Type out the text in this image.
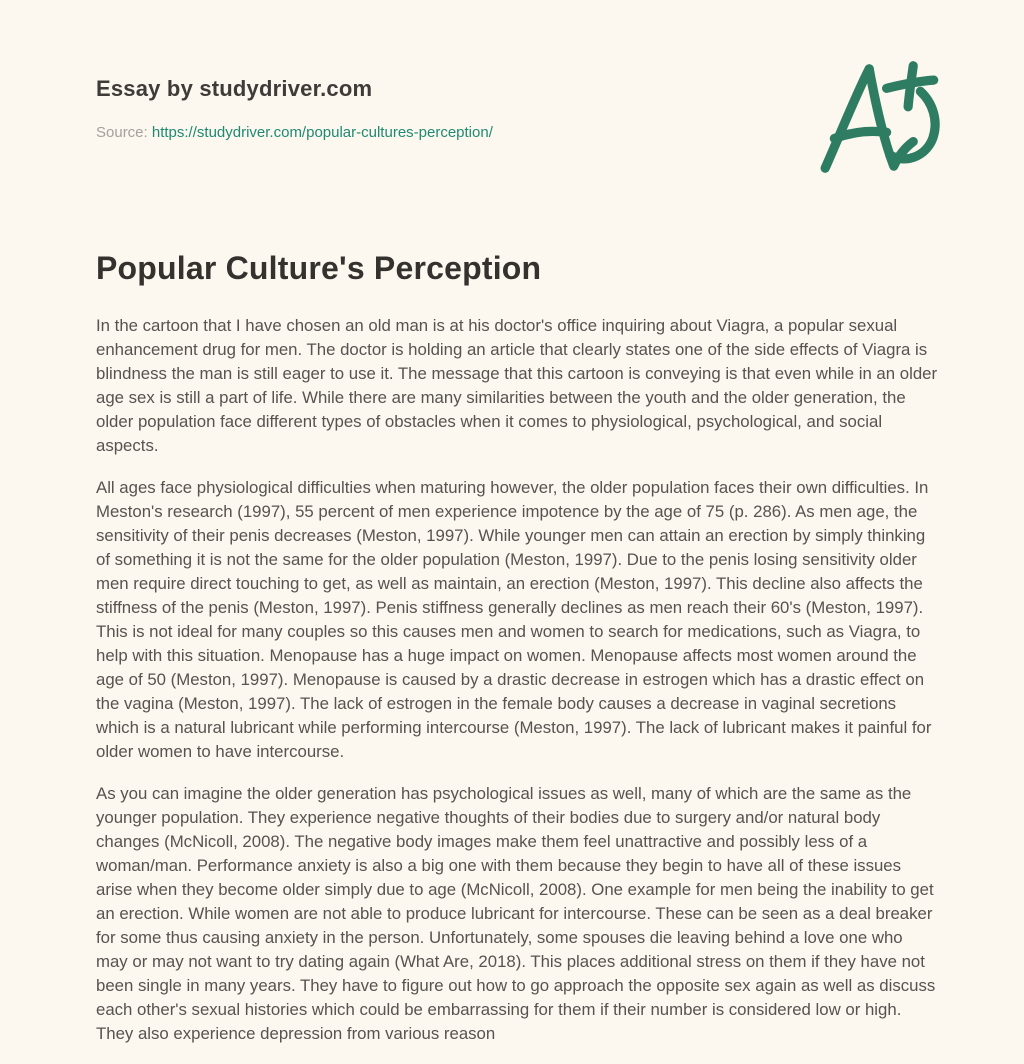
Essay by studydriver.com
Source: https://studydriver.com/popular-cultures-perception/
Popular Culture's Perception

In the cartoon that I have chosen an old man is at his doctor's office inquiring about Viagra, a popular sexual enhancement drug for men. The doctor is holding an article that clearly states one of the side effects of Viagra is blindness the man is still eager to use it. The message that this cartoon is conveying is that even while in an older age sex is still a part of life. While there are many similarities between the youth and the older generation, the older population face different types of obstacles when it comes to physiological, psychological, and social aspects.

All ages face physiological difficulties when maturing however, the older population faces their own difficulties. In Meston's research (1997), 55 percent of men experience impotence by the age of 75 (p. 286). As men age, the sensitivity of their penis decreases (Meston, 1997). While younger men can attain an erection by simply thinking of something it is not the same for the older population (Meston, 1997). Due to the penis losing sensitivity older men require direct touching to get, as well as maintain, an erection (Meston, 1997). This decline also affects the stiffness of the penis (Meston, 1997). Penis stiffness generally declines as men reach their 60's (Meston, 1997). This is not ideal for many couples so this causes men and women to search for medications, such as Viagra, to help with this situation. Menopause has a huge impact on women. Menopause affects most women around the age of 50 (Meston, 1997). Menopause is caused by a drastic decrease in estrogen which has a drastic effect on the vagina (Meston, 1997). The lack of estrogen in the female body causes a decrease in vaginal secretions which is a natural lubricant while performing intercourse (Meston, 1997). The lack of lubricant makes it painful for older women to have intercourse.

As you can imagine the older generation has psychological issues as well, many of which are the same as the younger population. They experience negative thoughts of their bodies due to surgery and/or natural body changes (McNicoll, 2008). The negative body images make them feel unattractive and possibly less of a woman/man. Performance anxiety is also a big one with them because they begin to have all of these issues arise when they become older simply due to age (McNicoll, 2008). One example for men being the inability to get an erection. While women are not able to produce lubricant for intercourse. These can be seen as a deal breaker for some thus causing anxiety in the person. Unfortunately, some spouses die leaving behind a love one who may or may not want to try dating again (What Are, 2018). This places additional stress on them if they have not been single in many years. They have to figure out how to go approach the opposite sex again as well as discuss each other's sexual histories which could be embarrassing for them if their number is considered low or high. They also experience depression from various reason
